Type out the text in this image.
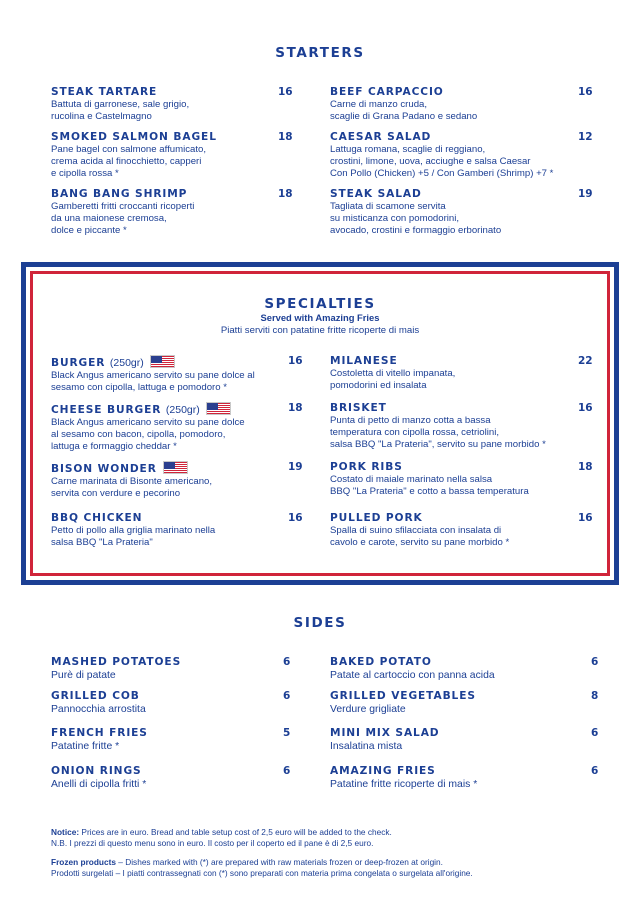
STARTERS
STEAK TARTARE	16
Battuta di garronese, sale grigio,
rucolina e Castelmagno
SMOKED SALMON BAGEL	18
Pane bagel con salmone affumicato,
crema acida al finocchietto, capperi
e cipolla rossa *
BANG BANG SHRIMP	18
Gamberetti fritti croccanti ricoperti
da una maionese cremosa,
dolce e piccante *
BEEF CARPACCIO	16
Carne di manzo cruda,
scaglie di Grana Padano e sedano
CAESAR SALAD	12
Lattuga romana, scaglie di reggiano,
crostini, limone, uova, acciughe e salsa Caesar
Con Pollo (Chicken) +5 / Con Gamberi (Shrimp) +7 *
STEAK SALAD	19
Tagliata di scamone servita
su misticanza con pomodorini,
avocado, crostini e formaggio erborinato
SPECIALTIES
Served with Amazing Fries
Piatti serviti con patatine fritte ricoperte di mais
BURGER (250gr)	16
Black Angus americano servito su pane dolce al
sesamo con cipolla, lattuga e pomodoro *
CHEESE BURGER (250gr)	18
Black Angus americano servito su pane dolce
al sesamo con bacon, cipolla, pomodoro,
lattuga e formaggio cheddar *
BISON WONDER	19
Carne marinata di Bisonte americano,
servita con verdure e pecorino
BBQ CHICKEN	16
Petto di pollo alla griglia marinato nella
salsa BBQ "La Prateria"
MILANESE	22
Costoletta di vitello impanata,
pomodorini ed insalata
BRISKET	16
Punta di petto di manzo cotta a bassa
temperatura con cipolla rossa, cetriolini,
salsa BBQ "La Prateria", servito su pane morbido *
PORK RIBS	18
Costato di maiale marinato nella salsa
BBQ "La Prateria" e cotto a bassa temperatura
PULLED PORK	16
Spalla di suino sfilacciata con insalata di
cavolo e carote, servito su pane morbido *
SIDES
MASHED POTATOES	6
Purè di patate
GRILLED COB	6
Pannocchia arrostita
FRENCH FRIES	5
Patatine fritte *
ONION RINGS	6
Anelli di cipolla fritti *
BAKED POTATO	6
Patate al cartoccio con panna acida
GRILLED VEGETABLES	8
Verdure grigliate
MINI MIX SALAD	6
Insalatina mista
AMAZING FRIES	6
Patatine fritte ricoperte di mais *
Notice: Prices are in euro. Bread and table setup cost of 2,5 euro will be added to the check.
N.B. I prezzi di questo menu sono in euro. Il costo per il coperto ed il pane è di 2,5 euro.
Frozen products – Dishes marked with (*) are prepared with raw materials frozen or deep-frozen at origin.
Prodotti surgelati – I piatti contrassegnati con (*) sono preparati con materia prima congelata o surgelata all'origine.
